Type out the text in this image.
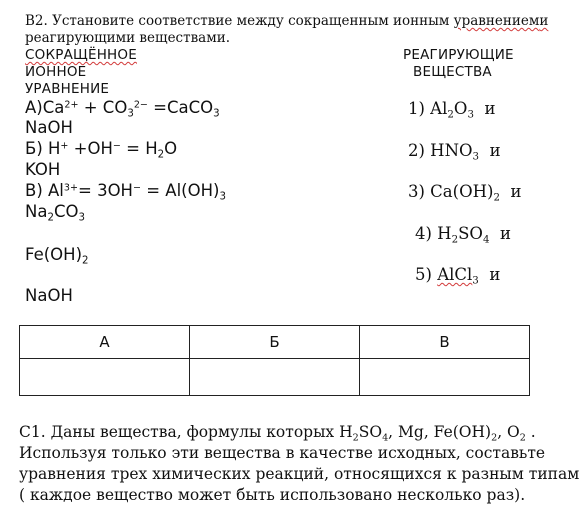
В2. Установите соответствие между сокращенным ионным уравнениеми
реагирующими веществами.
СОКРАЩЁННОЕ
ИОННОЕ
УРАВНЕНИЕ
РЕАГИРУЮЩИЕ
ВЕЩЕСТВА
$А)Ca^{2+} + CO_3^{2-}$ =CaCO$_3$
NaOH
Б) $H^+ +OH^- = H_2O$
KOH
В) $Al^{3+}= 3OH^- = Al(OH)_3$
$Na_2CO_3$
$Fe(OH)_2$
NaOH
1) $Al_2O_3$ и
2) $HNO_3$ и
3) $Ca(OH)_2$ и
4) $H_2SO_4$ и
5) AlCl$_3$ и
А	Б	В

С1. Даны вещества, формулы которых $H_2SO_4$, Mg, $Fe(OH)_2$, $O_2$ .
Используя только эти вещества в качестве исходных, составьте
уравнения трех химических реакций, относящихся к разным типам
( каждое вещество может быть использовано несколько раз).
